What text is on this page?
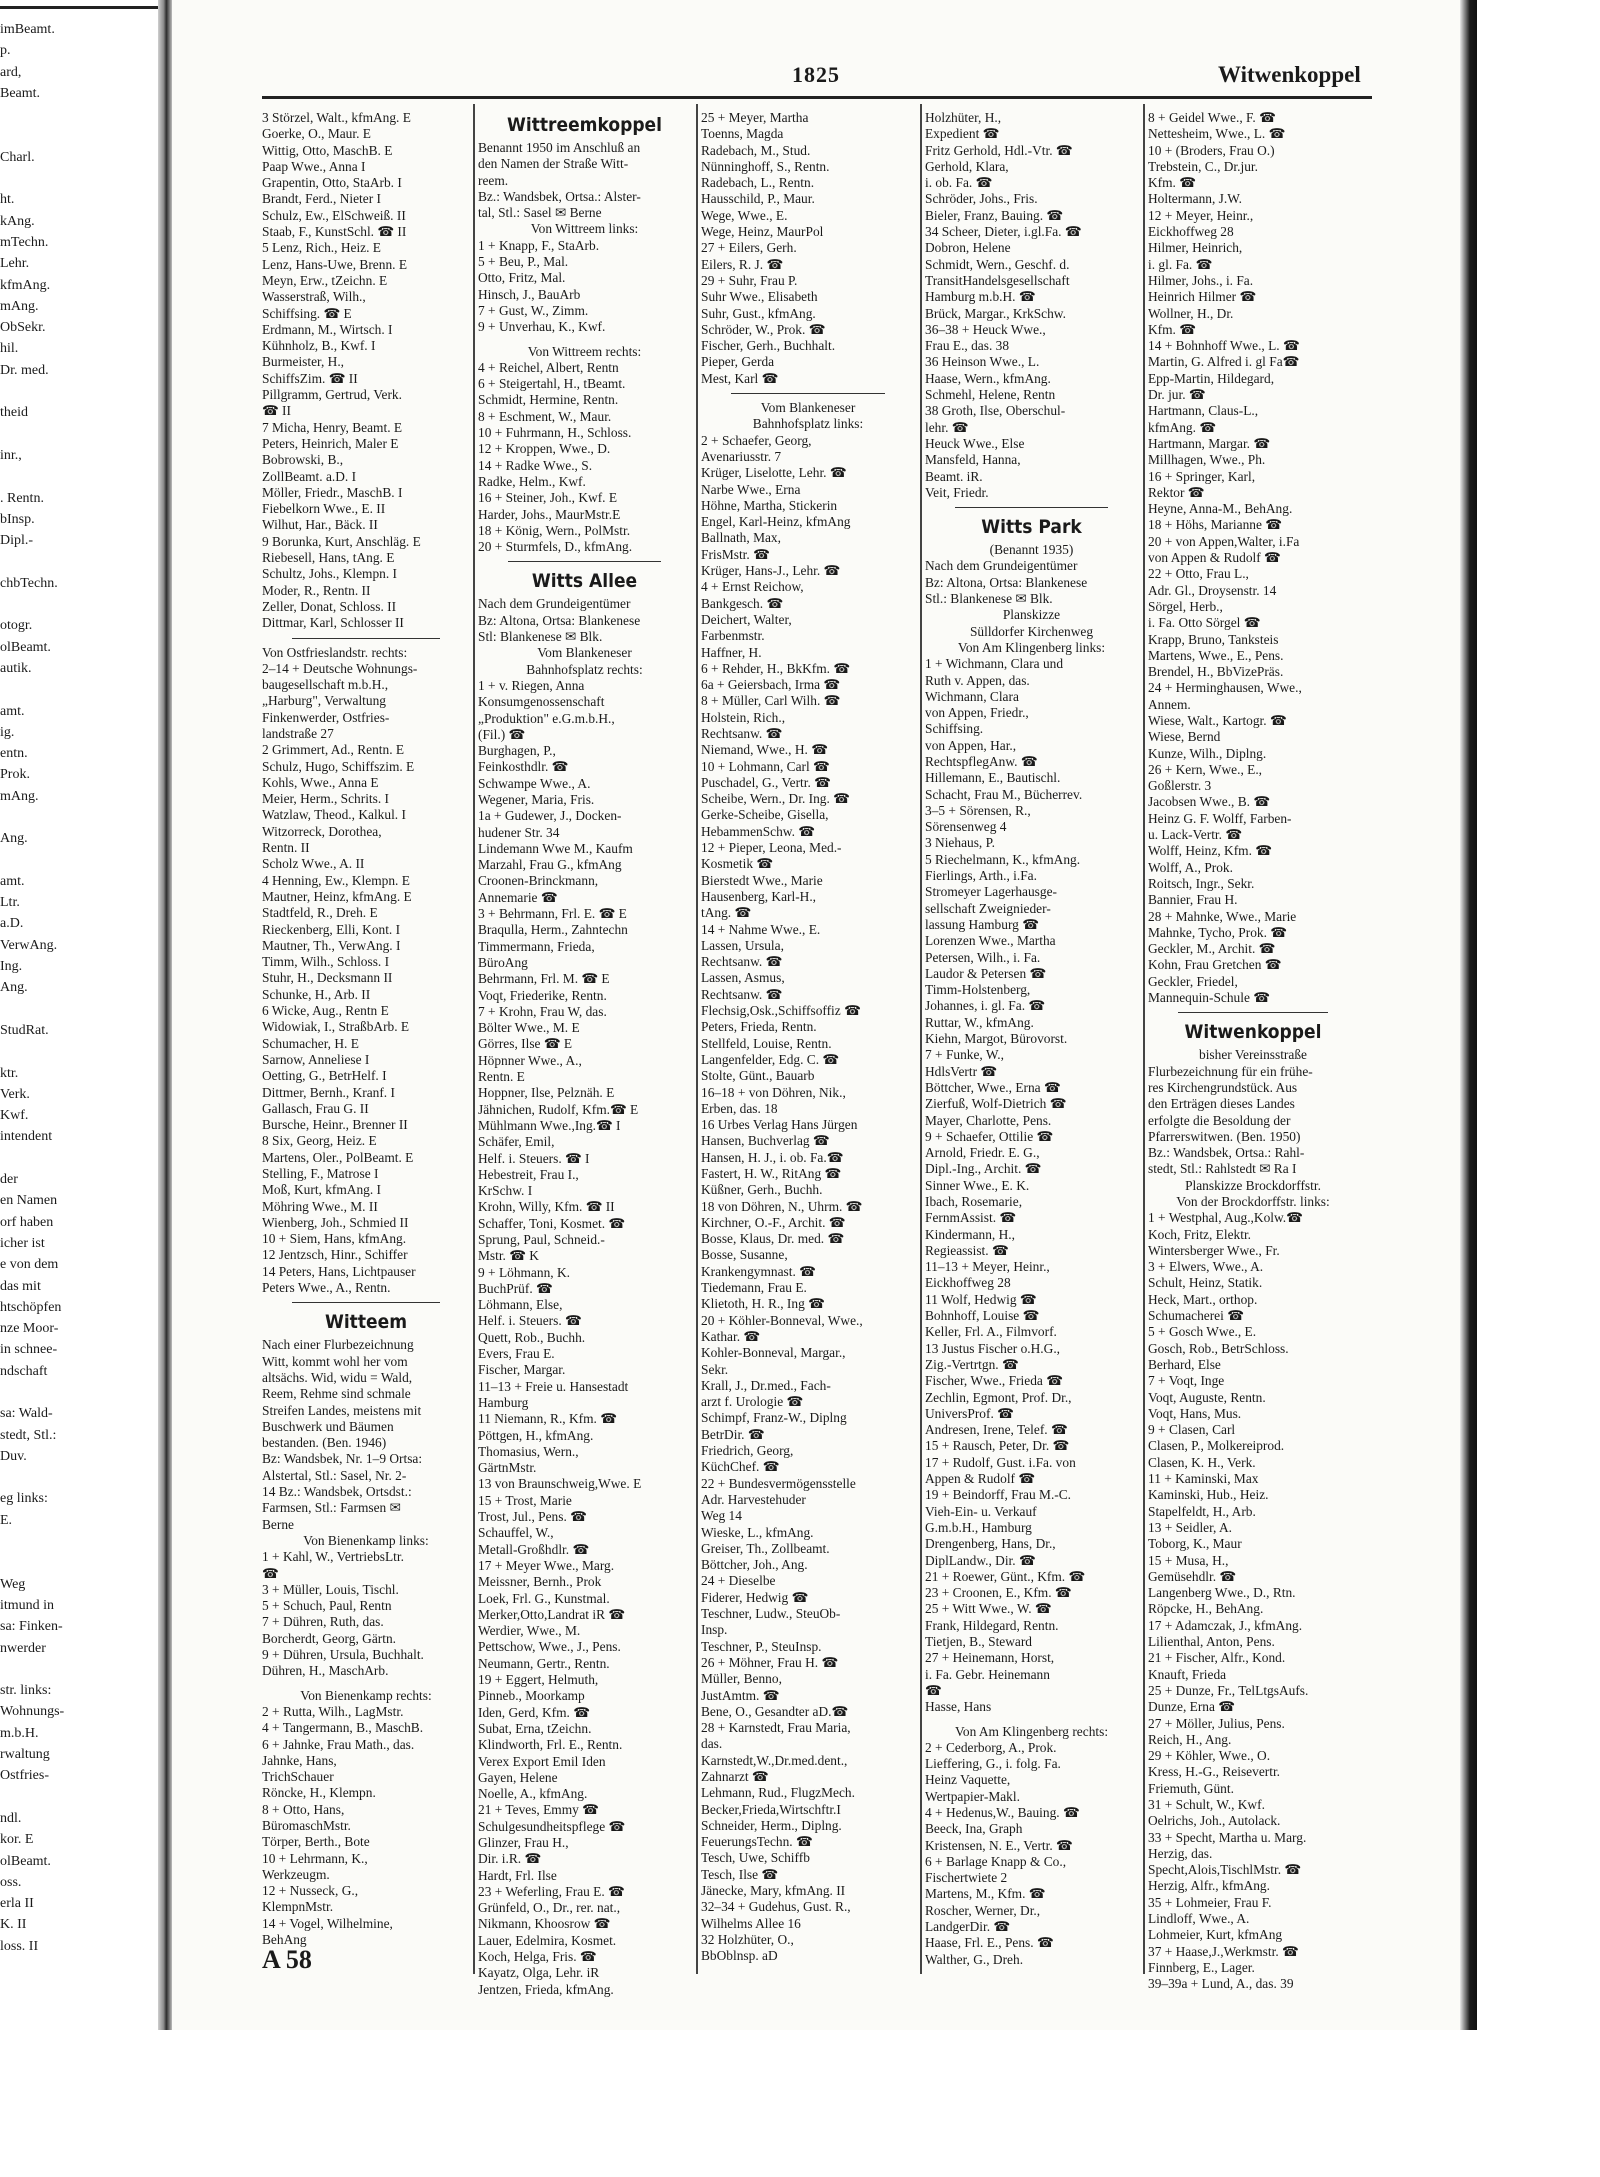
imBeamt.
p.
ard,
Beamt.

Charl.

ht.
kAng.
mTechn.
Lehr.
kfmAng.
mAng.
ObSekr.
hil.
Dr. med.

theid

inr.,

. Rentn.
bInsp.
Dipl.-

chbTechn.

otogr.
olBeamt.
autik.

amt.
ig.
entn.
Prok.
mAng.

Ang.

amt.
Ltr.
a.D.
VerwAng.
Ing.
Ang.

StudRat.

ktr.
Verk.
Kwf.
intendent

der
en Namen
orf haben
icher ist
e von dem
das mit
htschöpfen
nze Moor-
in schnee-
ndschaft

sa: Wald-
stedt, Stl.:
Duv.

eg links:
E.

Weg
itmund in
sa: Finken-
nwerder

str. links:
Wohnungs-
m.b.H.
rwaltung
Ostfries-

ndl.
kor. E
olBeamt.
oss.
erla II
K. II
loss. II
1825	Witwenkoppel
3 Störzel, Walt., kfmAng. E
Goerke, O., Maur. E
Wittig, Otto, MaschB. E
Paap Wwe., Anna I
Grapentin, Otto, StaArb. I
Brandt, Ferd., Nieter I
Schulz, Ew., ElSchweiß. II
Staab, F., KunstSchl. ☎ II
5 Lenz, Rich., Heiz. E
Lenz, Hans-Uwe, Brenn. E
Meyn, Erw., tZeichn. E
Wasserstraß, Wilh.,
Schiffsing. ☎ E
Erdmann, M., Wirtsch. I
Kühnholz, B., Kwf. I
Burmeister, H.,
SchiffsZim. ☎ II
Pillgramm, Gertrud, Verk.
☎ II
7 Micha, Henry, Beamt. E
Peters, Heinrich, Maler E
Bobrowski, B.,
ZollBeamt. a.D. I
Möller, Friedr., MaschB. I
Fiebelkorn Wwe., E. II
Wilhut, Har., Bäck. II
9 Borunka, Kurt, Anschläg. E
Riebesell, Hans, tAng. E
Schultz, Johs., Klempn. I
Moder, R., Rentn. II
Zeller, Donat, Schloss. II
Dittmar, Karl, Schlosser II
Von Ostfrieslandstr. rechts:
2–14 + Deutsche Wohnungs-
baugesellschaft m.b.H.,
„Harburg", Verwaltung
Finkenwerder, Ostfries-
landstraße 27
2 Grimmert, Ad., Rentn. E
Schulz, Hugo, Schiffszim. E
Kohls, Wwe., Anna E
Meier, Herm., Schrits. I
Watzlaw, Theod., Kalkul. I
Witzorreck, Dorothea,
Rentn. II
Scholz Wwe., A. II
4 Henning, Ew., Klempn. E
Mautner, Heinz, kfmAng. E
Stadtfeld, R., Dreh. E
Rieckenberg, Elli, Kont. I
Mautner, Th., VerwAng. I
Timm, Wilh., Schloss. I
Stuhr, H., Decksmann II
Schunke, H., Arb. II
6 Wicke, Aug., Rentn E
Widowiak, I., StraßbArb. E
Schumacher, H. E
Sarnow, Anneliese I
Oetting, G., BetrHelf. I
Dittmer, Bernh., Kranf. I
Gallasch, Frau G. II
Bursche, Heinr., Brenner II
8 Six, Georg, Heiz. E
Martens, Oler., PolBeamt. E
Stelling, F., Matrose I
Moß, Kurt, kfmAng. I
Möhring Wwe., M. II
Wienberg, Joh., Schmied II
10 + Siem, Hans, kfmAng.
12 Jentzsch, Hinr., Schiffer
14 Peters, Hans, Lichtpauser
Peters Wwe., A., Rentn.
Witteem
Nach einer Flurbezeichnung
Witt, kommt wohl her vom
altsächs. Wid, widu = Wald,
Reem, Rehme sind schmale
Streifen Landes, meistens mit
Buschwerk und Bäumen
bestanden. (Ben. 1946)
Bz: Wandsbek, Nr. 1–9 Ortsa:
Alstertal, Stl.: Sasel, Nr. 2-
14 Bz.: Wandsbek, Ortsdst.:
Farmsen, Stl.: Farmsen ✉
Berne
Von Bienenkamp links:
1 + Kahl, W., VertriebsLtr.
☎
3 + Müller, Louis, Tischl.
5 + Schuch, Paul, Rentn
7 + Dühren, Ruth, das.
Borcherdt, Georg, Gärtn.
9 + Dühren, Ursula, Buchhalt.
Dühren, H., MaschArb.
Von Bienenkamp rechts:
2 + Rutta, Wilh., LagMstr.
4 + Tangermann, B., MaschB.
6 + Jahnke, Frau Math., das.
Jahnke, Hans,
TrichSchauer
Röncke, H., Klempn.
8 + Otto, Hans,
BüromaschMstr.
Törper, Berth., Bote
10 + Lehrmann, K.,
Werkzeugm.
12 + Nusseck, G.,
KlempnMstr.
14 + Vogel, Wilhelmine,
BehAng
Wittreemkoppel
Benannt 1950 im Anschluß an
den Namen der Straße Witt-
reem.
Bz.: Wandsbek, Ortsa.: Alster-
tal, Stl.: Sasel ✉ Berne
Von Wittreem links:
1 + Knapp, F., StaArb.
5 + Beu, P., Mal.
Otto, Fritz, Mal.
Hinsch, J., BauArb
7 + Gust, W., Zimm.
9 + Unverhau, K., Kwf.
Von Wittreem rechts:
4 + Reichel, Albert, Rentn
6 + Steigertahl, H., tBeamt.
Schmidt, Hermine, Rentn.
8 + Eschment, W., Maur.
10 + Fuhrmann, H., Schloss.
12 + Kroppen, Wwe., D.
14 + Radke Wwe., S.
Radke, Helm., Kwf.
16 + Steiner, Joh., Kwf. E
Harder, Johs., MaurMstr.E
18 + König, Wern., PolMstr.
20 + Sturmfels, D., kfmAng.
Witts Allee
Nach dem Grundeigentümer
Bz: Altona, Ortsa: Blankenese
Stl: Blankenese ✉ Blk.
Vom Blankeneser
Bahnhofsplatz rechts:
1 + v. Riegen, Anna
Konsumgenossenschaft
„Produktion" e.G.m.b.H.,
(Fil.) ☎
Burghagen, P.,
Feinkosthdlr. ☎
Schwampe Wwe., A.
Wegener, Maria, Fris.
1a + Gudewer, J., Docken-
hudener Str. 34
Lindemann Wwe M., Kaufm
Marzahl, Frau G., kfmAng
Croonen-Brinckmann,
Annemarie ☎
3 + Behrmann, Frl. E. ☎ E
Braqulla, Herm., Zahntechn
Timmermann, Frieda,
BüroAng
Behrmann, Frl. M. ☎ E
Voqt, Friederike, Rentn.
7 + Krohn, Frau W, das.
Bölter Wwe., M. E
Görres, Ilse ☎ E
Höpnner Wwe., A.,
Rentn. E
Hoppner, Ilse, Pelznäh. E
Jähnichen, Rudolf, Kfm.☎ E
Mühlmann Wwe.,Ing.☎ I
Schäfer, Emil,
Helf. i. Steuers. ☎ I
Hebestreit, Frau I.,
KrSchw. I
Krohn, Willy, Kfm. ☎ II
Schaffer, Toni, Kosmet. ☎
Sprung, Paul, Schneid.-
Mstr. ☎ K
9 + Löhmann, K.
BuchPrüf. ☎
Löhmann, Else,
Helf. i. Steuers. ☎
Quett, Rob., Buchh.
Evers, Frau E.
Fischer, Margar.
11–13 + Freie u. Hansestadt
Hamburg
11 Niemann, R., Kfm. ☎
Pöttgen, H., kfmAng.
Thomasius, Wern.,
GärtnMstr.
13 von Braunschweig,Wwe. E
15 + Trost, Marie
Trost, Jul., Pens. ☎
Schauffel, W.,
Metall-Großhdlr. ☎
17 + Meyer Wwe., Marg.
Meissner, Bernh., Prok
Loek, Frl. G., Kunstmal.
Merker,Otto,Landrat iR ☎
Werdier, Wwe., M.
Pettschow, Wwe., J., Pens.
Neumann, Gertr., Rentn.
19 + Eggert, Helmuth,
Pinneb., Moorkamp
Iden, Gerd, Kfm. ☎
Subat, Erna, tZeichn.
Klindworth, Frl. E., Rentn.
Verex Export Emil Iden
Gayen, Helene
Noelle, A., kfmAng.
21 + Teves, Emmy ☎
Schulgesundheitspflege ☎
Glinzer, Frau H.,
Dir. i.R. ☎
Hardt, Frl. Ilse
23 + Weferling, Frau E. ☎
Grünfeld, O., Dr., rer. nat.,
Nikmann, Khoosrow ☎
Lauer, Edelmira, Kosmet.
Koch, Helga, Fris. ☎
Kayatz, Olga, Lehr. iR
Jentzen, Frieda, kfmAng.
25 + Meyer, Martha
Toenns, Magda
Radebach, M., Stud.
Nünninghoff, S., Rentn.
Radebach, L., Rentn.
Hausschild, P., Maur.
Wege, Wwe., E.
Wege, Heinz, MaurPol
27 + Eilers, Gerh.
Eilers, R. J. ☎
29 + Suhr, Frau P.
Suhr Wwe., Elisabeth
Suhr, Gust., kfmAng.
Schröder, W., Prok. ☎
Fischer, Gerh., Buchhalt.
Pieper, Gerda
Mest, Karl ☎
Vom Blankeneser
Bahnhofsplatz links:
2 + Schaefer, Georg,
Avenariusstr. 7
Krüger, Liselotte, Lehr. ☎
Narbe Wwe., Erna
Höhne, Martha, Stickerin
Engel, Karl-Heinz, kfmAng
Ballnath, Max,
FrisMstr. ☎
Krüger, Hans-J., Lehr. ☎
4 + Ernst Reichow,
Bankgesch. ☎
Deichert, Walter,
Farbenmstr.
Haffner, H.
6 + Rehder, H., BkKfm. ☎
6a + Geiersbach, Irma ☎
8 + Müller, Carl Wilh. ☎
Holstein, Rich.,
Rechtsanw. ☎
Niemand, Wwe., H. ☎
10 + Lohmann, Carl ☎
Puschadel, G., Vertr. ☎
Scheibe, Wern., Dr. Ing. ☎
Gerke-Scheibe, Gisella,
HebammenSchw. ☎
12 + Pieper, Leona, Med.-
Kosmetik ☎
Bierstedt Wwe., Marie
Hausenberg, Karl-H.,
tAng. ☎
14 + Nahme Wwe., E.
Lassen, Ursula,
Rechtsanw. ☎
Lassen, Asmus,
Rechtsanw. ☎
Flechsig,Osk.,Schiffsoffiz ☎
Peters, Frieda, Rentn.
Stellfeld, Louise, Rentn.
Langenfelder, Edg. C. ☎
Stolte, Günt., Bauarb
16–18 + von Döhren, Nik.,
Erben, das. 18
16 Urbes Verlag Hans Jürgen
Hansen, Buchverlag ☎
Hansen, H. J., i. ob. Fa.☎
Fastert, H. W., RitAng ☎
Küßner, Gerh., Buchh.
18 von Döhren, N., Uhrm. ☎
Kirchner, O.-F., Archit. ☎
Bosse, Klaus, Dr. med. ☎
Bosse, Susanne,
Krankengymnast. ☎
Tiedemann, Frau E.
Klietoth, H. R., Ing ☎
20 + Köhler-Bonneval, Wwe.,
Kathar. ☎
Kohler-Bonneval, Margar.,
Sekr.
Krall, J., Dr.med., Fach-
arzt f. Urologie ☎
Schimpf, Franz-W., Diplng
BetrDir. ☎
Friedrich, Georg,
KüchChef. ☎
22 + Bundesvermögensstelle
Adr. Harvestehuder
Weg 14
Wieske, L., kfmAng.
Greiser, Th., Zollbeamt.
Böttcher, Joh., Ang.
24 + Dieselbe
Fiderer, Hedwig ☎
Teschner, Ludw., SteuOb-
Insp.
Teschner, P., SteuInsp.
26 + Möhner, Frau H. ☎
Müller, Benno,
JustAmtm. ☎
Bene, O., Gesandter aD.☎
28 + Karnstedt, Frau Maria,
das.
Karnstedt,W.,Dr.med.dent.,
Zahnarzt ☎
Lehmann, Rud., FlugzMech.
Becker,Frieda,Wirtschftr.I
Schneider, Herm., Diplng.
FeuerungsTechn. ☎
Tesch, Uwe, Schiffb
Tesch, Ilse ☎
Jänecke, Mary, kfmAng. II
32–34 + Gudehus, Gust. R.,
Wilhelms Allee 16
32 Holzhüter, O.,
BbOblnsp. aD
Holzhüter, H.,
Expedient ☎
Fritz Gerhold, Hdl.-Vtr. ☎
Gerhold, Klara,
i. ob. Fa. ☎
Schröder, Johs., Fris.
Bieler, Franz, Bauing. ☎
34 Scheer, Dieter, i.gl.Fa. ☎
Dobron, Helene
Schmidt, Wern., Geschf. d.
TransitHandelsgesellschaft
Hamburg m.b.H. ☎
Brück, Margar., KrkSchw.
36–38 + Heuck Wwe.,
Frau E., das. 38
36 Heinson Wwe., L.
Haase, Wern., kfmAng.
Schmehl, Helene, Rentn
38 Groth, Ilse, Oberschul-
lehr. ☎
Heuck Wwe., Else
Mansfeld, Hanna,
Beamt. iR.
Veit, Friedr.
Witts Park
(Benannt 1935)
Nach dem Grundeigentümer
Bz: Altona, Ortsa: Blankenese
Stl.: Blankenese ✉ Blk.
Planskizze
Sülldorfer Kirchenweg
Von Am Klingenberg links:
1 + Wichmann, Clara und
Ruth v. Appen, das.
Wichmann, Clara
von Appen, Friedr.,
Schiffsing.
von Appen, Har.,
RechtspflegAnw. ☎
Hillemann, E., Bautischl.
Schacht, Frau M., Bücherrev.
3–5 + Sörensen, R.,
Sörensenweg 4
3 Niehaus, P.
5 Riechelmann, K., kfmAng.
Fierlings, Arth., i.Fa.
Stromeyer Lagerhausge-
sellschaft Zweignieder-
lassung Hamburg ☎
Lorenzen Wwe., Martha
Petersen, Wilh., i. Fa.
Laudor & Petersen ☎
Timm-Holstenberg,
Johannes, i. gl. Fa. ☎
Ruttar, W., kfmAng.
Kiehn, Margot, Bürovorst.
7 + Funke, W.,
HdlsVertr ☎
Böttcher, Wwe., Erna ☎
Zierfuß, Wolf-Dietrich ☎
Mayer, Charlotte, Pens.
9 + Schaefer, Ottilie ☎
Arnold, Friedr. E. G.,
Dipl.-Ing., Archit. ☎
Sinner Wwe., E. K.
Ibach, Rosemarie,
FernmAssist. ☎
Kindermann, H.,
Regieassist. ☎
11–13 + Meyer, Heinr.,
Eickhoffweg 28
11 Wolf, Hedwig ☎
Bohnhoff, Louise ☎
Keller, Frl. A., Filmvorf.
13 Justus Fischer o.H.G.,
Zig.-Vertrtgn. ☎
Fischer, Wwe., Frieda ☎
Zechlin, Egmont, Prof. Dr.,
UniversProf. ☎
Andresen, Irene, Telef. ☎
15 + Rausch, Peter, Dr. ☎
17 + Rudolf, Gust. i.Fa. von
Appen & Rudolf ☎
19 + Beindorff, Frau M.-C.
Vieh-Ein- u. Verkauf
G.m.b.H., Hamburg
Drengenberg, Hans, Dr.,
DiplLandw., Dir. ☎
21 + Roewer, Günt., Kfm. ☎
23 + Croonen, E., Kfm. ☎
25 + Witt Wwe., W. ☎
Frank, Hildegard, Rentn.
Tietjen, B., Steward
27 + Heinemann, Horst,
i. Fa. Gebr. Heinemann
☎
Hasse, Hans
Von Am Klingenberg rechts:
2 + Cederborg, A., Prok.
Lieffering, G., i. folg. Fa.
Heinz Vaquette,
Wertpapier-Makl.
4 + Hedenus,W., Bauing. ☎
Beeck, Ina, Graph
Kristensen, N. E., Vertr. ☎
6 + Barlage Knapp & Co.,
Fischertwiete 2
Martens, M., Kfm. ☎
Roscher, Werner, Dr.,
LandgerDir. ☎
Haase, Frl. E., Pens. ☎
Walther, G., Dreh.
8 + Geidel Wwe., F. ☎
Nettesheim, Wwe., L. ☎
10 + (Broders, Frau O.)
Trebstein, C., Dr.jur.
Kfm. ☎
Holtermann, J.W.
12 + Meyer, Heinr.,
Eickhoffweg 28
Hilmer, Heinrich,
i. gl. Fa. ☎
Hilmer, Johs., i. Fa.
Heinrich Hilmer ☎
Wollner, H., Dr.
Kfm. ☎
14 + Bohnhoff Wwe., L. ☎
Martin, G. Alfred i. gl Fa☎
Epp-Martin, Hildegard,
Dr. jur. ☎
Hartmann, Claus-L.,
kfmAng. ☎
Hartmann, Margar. ☎
Millhagen, Wwe., Ph.
16 + Springer, Karl,
Rektor ☎
Heyne, Anna-M., BehAng.
18 + Höhs, Marianne ☎
20 + von Appen,Walter, i.Fa
von Appen & Rudolf ☎
22 + Otto, Frau L.,
Adr. Gl., Droysenstr. 14
Sörgel, Herb.,
i. Fa. Otto Sörgel ☎
Krapp, Bruno, Tanksteis
Martens, Wwe., E., Pens.
Brendel, H., BbVizePräs.
24 + Herminghausen, Wwe.,
Annem.
Wiese, Walt., Kartogr. ☎
Wiese, Bernd
Kunze, Wilh., Diplng.
26 + Kern, Wwe., E.,
Goßlerstr. 3
Jacobsen Wwe., B. ☎
Heinz G. F. Wolff, Farben-
u. Lack-Vertr. ☎
Wolff, Heinz, Kfm. ☎
Wolff, A., Prok.
Roitsch, Ingr., Sekr.
Bannier, Frau H.
28 + Mahnke, Wwe., Marie
Mahnke, Tycho, Prok. ☎
Geckler, M., Archit. ☎
Kohn, Frau Gretchen ☎
Geckler, Friedel,
Mannequin-Schule ☎
Witwenkoppel
bisher Vereinsstraße
Flurbezeichnung für ein frühe-
res Kirchengrundstück. Aus
den Erträgen dieses Landes
erfolgte die Besoldung der
Pfarrerswitwen. (Ben. 1950)
Bz.: Wandsbek, Ortsa.: Rahl-
stedt, Stl.: Rahlstedt ✉ Ra I
Planskizze Brockdorffstr.
Von der Brockdorffstr. links:
1 + Westphal, Aug.,Kolw.☎
Koch, Fritz, Elektr.
Wintersberger Wwe., Fr.
3 + Elwers, Wwe., A.
Schult, Heinz, Statik.
Heck, Mart., orthop.
Schumacherei ☎
5 + Gosch Wwe., E.
Gosch, Rob., BetrSchloss.
Berhard, Else
7 + Voqt, Inge
Voqt, Auguste, Rentn.
Voqt, Hans, Mus.
9 + Clasen, Carl
Clasen, P., Molkereiprod.
Clasen, K. H., Verk.
11 + Kaminski, Max
Kaminski, Hub., Heiz.
Stapelfeldt, H., Arb.
13 + Seidler, A.
Toborg, K., Maur
15 + Musa, H.,
Gemüsehdlr. ☎
Langenberg Wwe., D., Rtn.
Röpcke, H., BehAng.
17 + Adamczak, J., kfmAng.
Lilienthal, Anton, Pens.
21 + Fischer, Alfr., Kond.
Knauft, Frieda
25 + Dunze, Fr., TelLtgsAufs.
Dunze, Erna ☎
27 + Möller, Julius, Pens.
Reich, H., Ang.
29 + Köhler, Wwe., O.
Kress, H.-G., Reisevertr.
Friemuth, Günt.
31 + Schult, W., Kwf.
Oelrichs, Joh., Autolack.
33 + Specht, Martha u. Marg.
Herzig, das.
Specht,Alois,TischlMstr. ☎
Herzig, Alfr., kfmAng.
35 + Lohmeier, Frau F.
Lindloff, Wwe., A.
Lohmeier, Kurt, kfmAng
37 + Haase,J.,Werkmstr. ☎
Finnberg, E., Lager.
39–39a + Lund, A., das. 39
A 58
